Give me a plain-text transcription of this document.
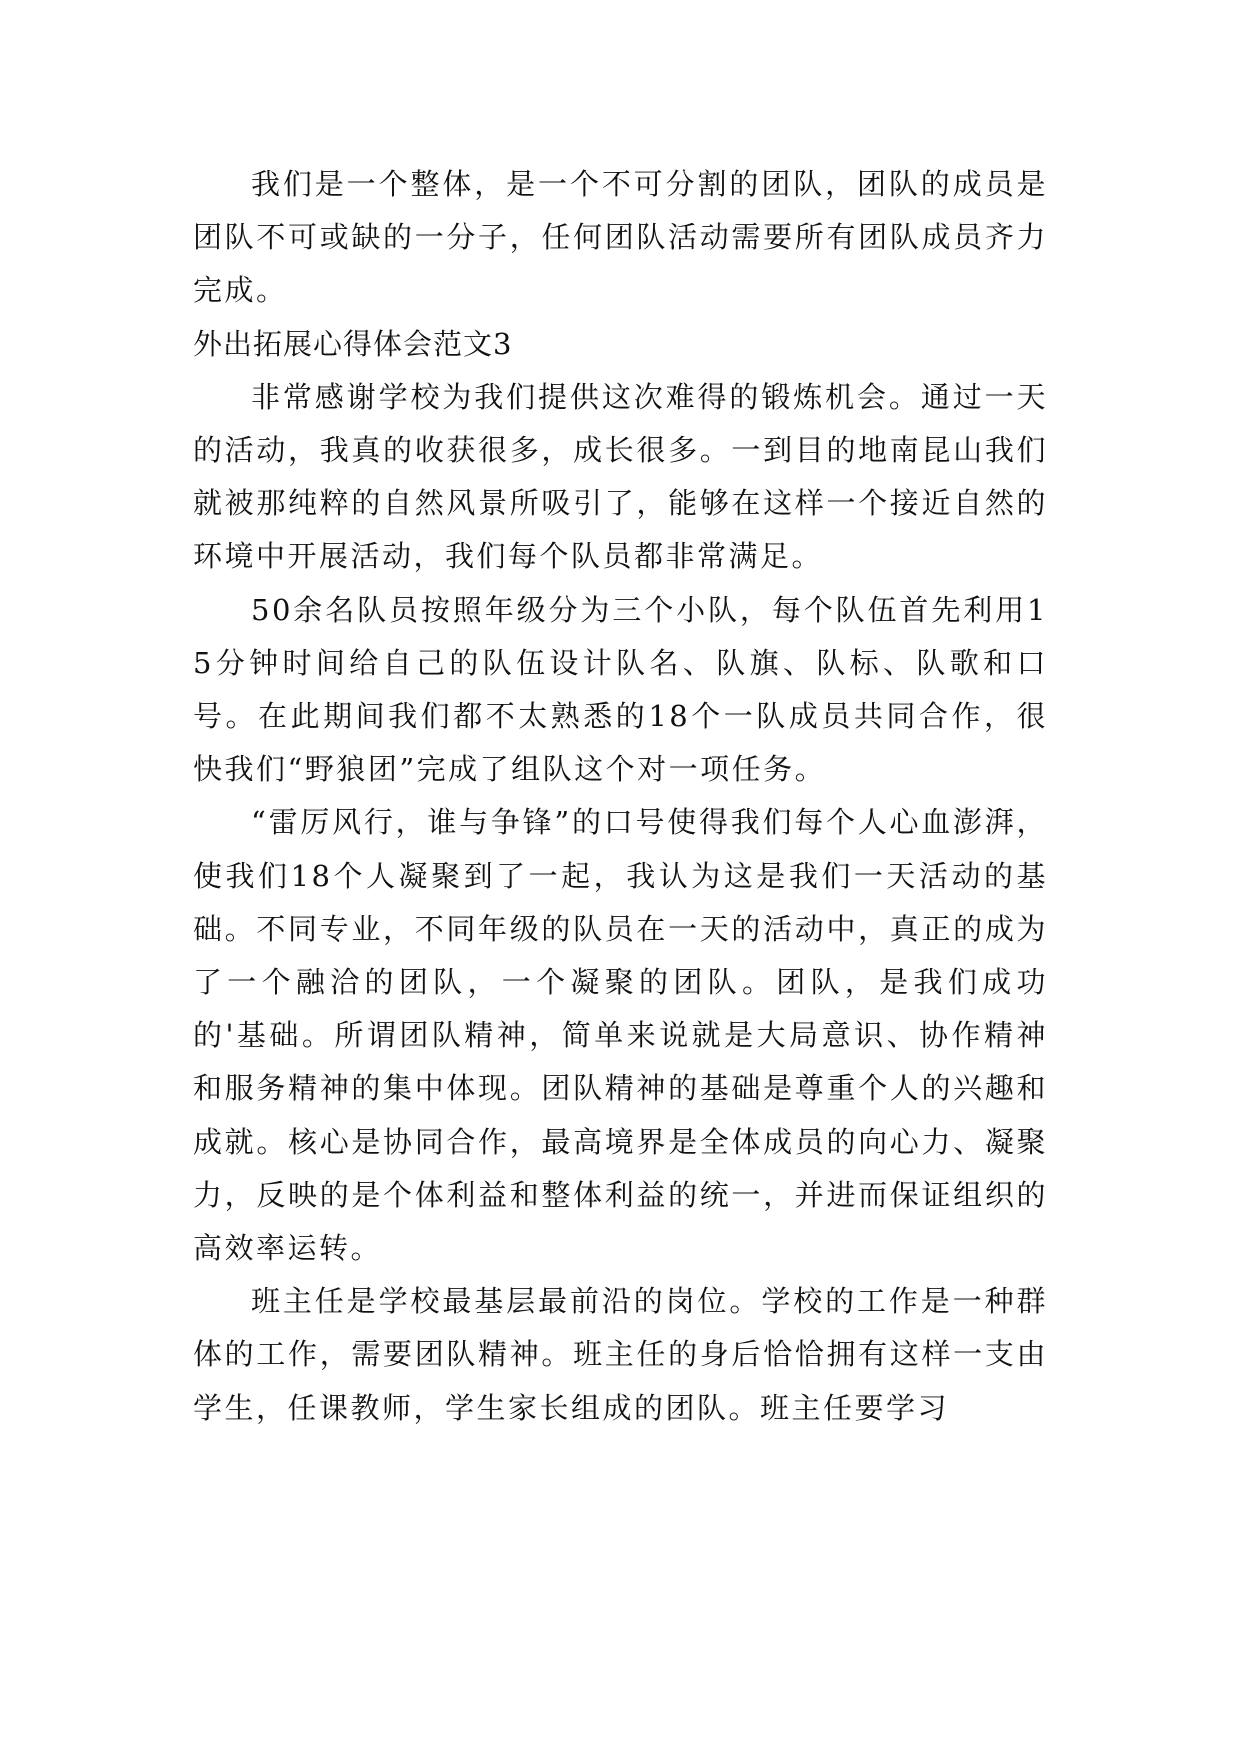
我们是一个整体，是一个不可分割的团队，团队的成员是团队不可或缺的一分子，任何团队活动需要所有团队成员齐力完成。

外出拓展心得体会范文3

非常感谢学校为我们提供这次难得的锻炼机会。通过一天的活动，我真的收获很多，成长很多。一到目的地南昆山我们就被那纯粹的自然风景所吸引了，能够在这样一个接近自然的环境中开展活动，我们每个队员都非常满足。

50余名队员按照年级分为三个小队，每个队伍首先利用15分钟时间给自己的队伍设计队名、队旗、队标、队歌和口号。在此期间我们都不太熟悉的18个一队成员共同合作，很快我们“野狼团”完成了组队这个对一项任务。

“雷厉风行，谁与争锋”的口号使得我们每个人心血澎湃，使我们18个人凝聚到了一起，我认为这是我们一天活动的基础。不同专业，不同年级的队员在一天的活动中，真正的成为了一个融洽的团队，一个凝聚的团队。团队，是我们成功的'基础。所谓团队精神，简单来说就是大局意识、协作精神和服务精神的集中体现。团队精神的基础是尊重个人的兴趣和成就。核心是协同合作，最高境界是全体成员的向心力、凝聚力，反映的是个体利益和整体利益的统一，并进而保证组织的高效率运转。

班主任是学校最基层最前沿的岗位。学校的工作是一种群体的工作，需要团队精神。班主任的身后恰恰拥有这样一支由学生，任课教师，学生家长组成的团队。班主任要学习
